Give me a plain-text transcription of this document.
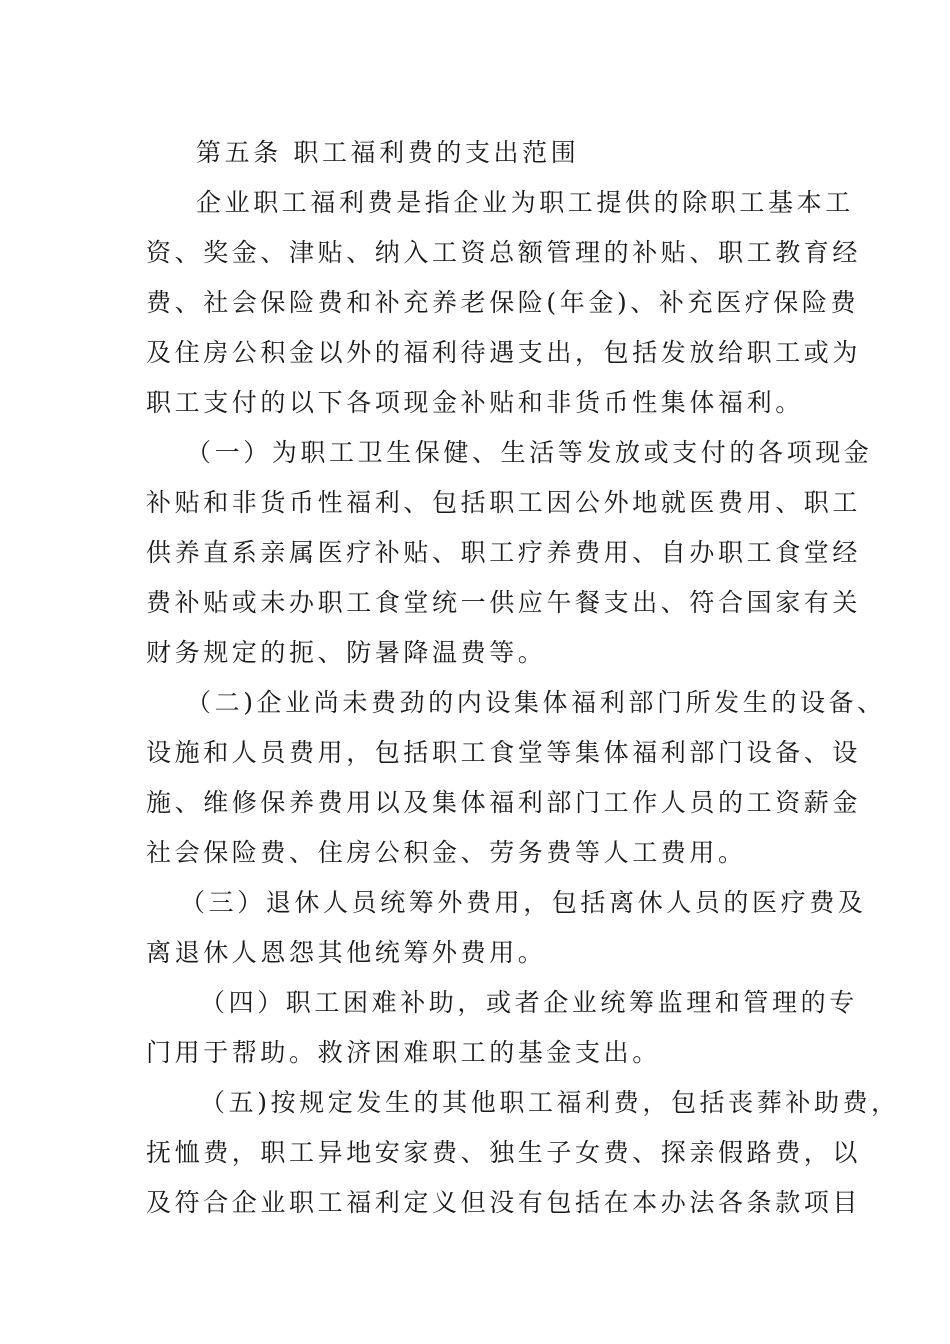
第五条 职工福利费的支出范围
企业职工福利费是指企业为职工提供的除职工基本工
资、奖金、津贴、纳入工资总额管理的补贴、职工教育经
费、社会保险费和补充养老保险(年金)、补充医疗保险费
及住房公积金以外的福利待遇支出，包括发放给职工或为
职工支付的以下各项现金补贴和非货币性集体福利。
（一）为职工卫生保健、生活等发放或支付的各项现金
补贴和非货币性福利、包括职工因公外地就医费用、职工
供养直系亲属医疗补贴、职工疗养费用、自办职工食堂经
费补贴或未办职工食堂统一供应午餐支出、符合国家有关
财务规定的扼、防暑降温费等。
（二)企业尚未费劲的内设集体福利部门所发生的设备、
设施和人员费用，包括职工食堂等集体福利部门设备、设
施、维修保养费用以及集体福利部门工作人员的工资薪金
社会保险费、住房公积金、劳务费等人工费用。
（三）退休人员统筹外费用，包括离休人员的医疗费及
离退休人恩怨其他统筹外费用。
（四）职工困难补助，或者企业统筹监理和管理的专
门用于帮助。救济困难职工的基金支出。
（五)按规定发生的其他职工福利费，包括丧葬补助费，
抚恤费，职工异地安家费、独生子女费、探亲假路费，以
及符合企业职工福利定义但没有包括在本办法各条款项目
